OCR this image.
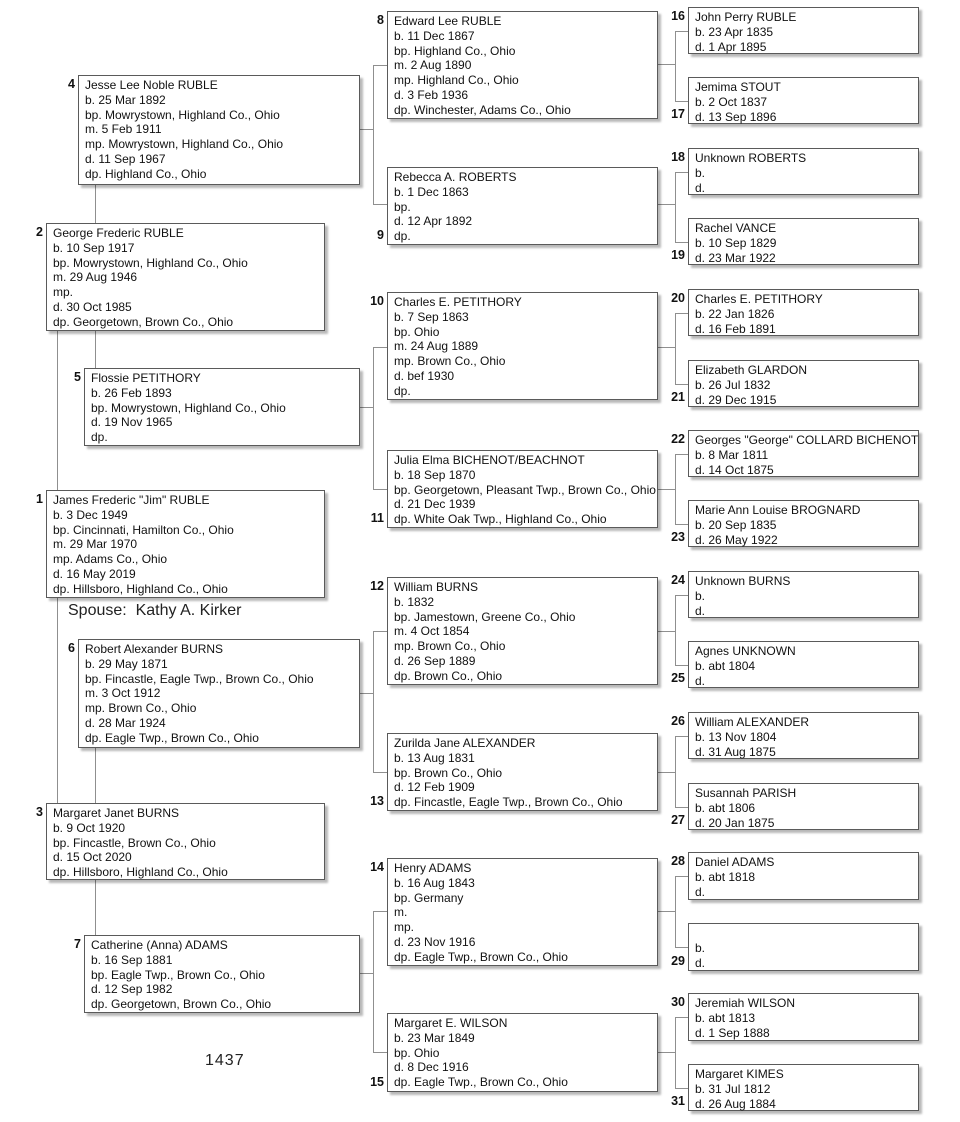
Spouse:  Kathy A. Kirker
1437
James Frederic "Jim" RUBLE
b. 3 Dec 1949
bp. Cincinnati, Hamilton Co., Ohio
m. 29 Mar 1970
mp. Adams Co., Ohio
d. 16 May 2019
dp. Hillsboro, Highland Co., Ohio
1
George Frederic RUBLE
b. 10 Sep 1917
bp. Mowrystown, Highland Co., Ohio
m. 29 Aug 1946
mp.
d. 30 Oct 1985
dp. Georgetown, Brown Co., Ohio
2
Margaret Janet BURNS
b. 9 Oct 1920
bp. Fincastle, Brown Co., Ohio
d. 15 Oct 2020
dp. Hillsboro, Highland Co., Ohio
3
Jesse Lee Noble RUBLE
b. 25 Mar 1892
bp. Mowrystown, Highland Co., Ohio
m. 5 Feb 1911
mp. Mowrystown, Highland Co., Ohio
d. 11 Sep 1967
dp. Highland Co., Ohio
4
Flossie PETITHORY
b. 26 Feb 1893
bp. Mowrystown, Highland Co., Ohio
d. 19 Nov 1965
dp.
5
Robert Alexander BURNS
b. 29 May 1871
bp. Fincastle, Eagle Twp., Brown Co., Ohio
m. 3 Oct 1912
mp. Brown Co., Ohio
d. 28 Mar 1924
dp. Eagle Twp., Brown Co., Ohio
6
Catherine (Anna) ADAMS
b. 16 Sep 1881
bp. Eagle Twp., Brown Co., Ohio
d. 12 Sep 1982
dp. Georgetown, Brown Co., Ohio
7
Edward Lee RUBLE
b. 11 Dec 1867
bp. Highland Co., Ohio
m. 2 Aug 1890
mp. Highland Co., Ohio
d. 3 Feb 1936
dp. Winchester, Adams Co., Ohio
8
Rebecca A. ROBERTS
b. 1 Dec 1863
bp.
d. 12 Apr 1892
dp.
9
Charles E. PETITHORY
b. 7 Sep 1863
bp. Ohio
m. 24 Aug 1889
mp. Brown Co., Ohio
d. bef 1930
dp.
10
Julia Elma BICHENOT/BEACHNOT
b. 18 Sep 1870
bp. Georgetown, Pleasant Twp., Brown Co., Ohio
d. 21 Dec 1939
dp. White Oak Twp., Highland Co., Ohio
11
William BURNS
b. 1832
bp. Jamestown, Greene Co., Ohio
m. 4 Oct 1854
mp. Brown Co., Ohio
d. 26 Sep 1889
dp. Brown Co., Ohio
12
Zurilda Jane ALEXANDER
b. 13 Aug 1831
bp. Brown Co., Ohio
d. 12 Feb 1909
dp. Fincastle, Eagle Twp., Brown Co., Ohio
13
Henry ADAMS
b. 16 Aug 1843
bp. Germany
m.
mp.
d. 23 Nov 1916
dp. Eagle Twp., Brown Co., Ohio
14
Margaret E. WILSON
b. 23 Mar 1849
bp. Ohio
d. 8 Dec 1916
dp. Eagle Twp., Brown Co., Ohio
15
John Perry RUBLE
b. 23 Apr 1835
d. 1 Apr 1895
16
Jemima STOUT
b. 2 Oct 1837
d. 13 Sep 1896
17
Unknown ROBERTS
b.
d.
18
Rachel VANCE
b. 10 Sep 1829
d. 23 Mar 1922
19
Charles E. PETITHORY
b. 22 Jan 1826
d. 16 Feb 1891
20
Elizabeth GLARDON
b. 26 Jul 1832
d. 29 Dec 1915
21
Georges "George" COLLARD BICHENOT
b. 8 Mar 1811
d. 14 Oct 1875
22
Marie Ann Louise BROGNARD
b. 20 Sep 1835
d. 26 May 1922
23
Unknown BURNS
b.
d.
24
Agnes UNKNOWN
b. abt 1804
d.
25
William ALEXANDER
b. 13 Nov 1804
d. 31 Aug 1875
26
Susannah PARISH
b. abt 1806
d. 20 Jan 1875
27
Daniel ADAMS
b. abt 1818
d.
28
b.
d.
29
Jeremiah WILSON
b. abt 1813
d. 1 Sep 1888
30
Margaret KIMES
b. 31 Jul 1812
d. 26 Aug 1884
31
